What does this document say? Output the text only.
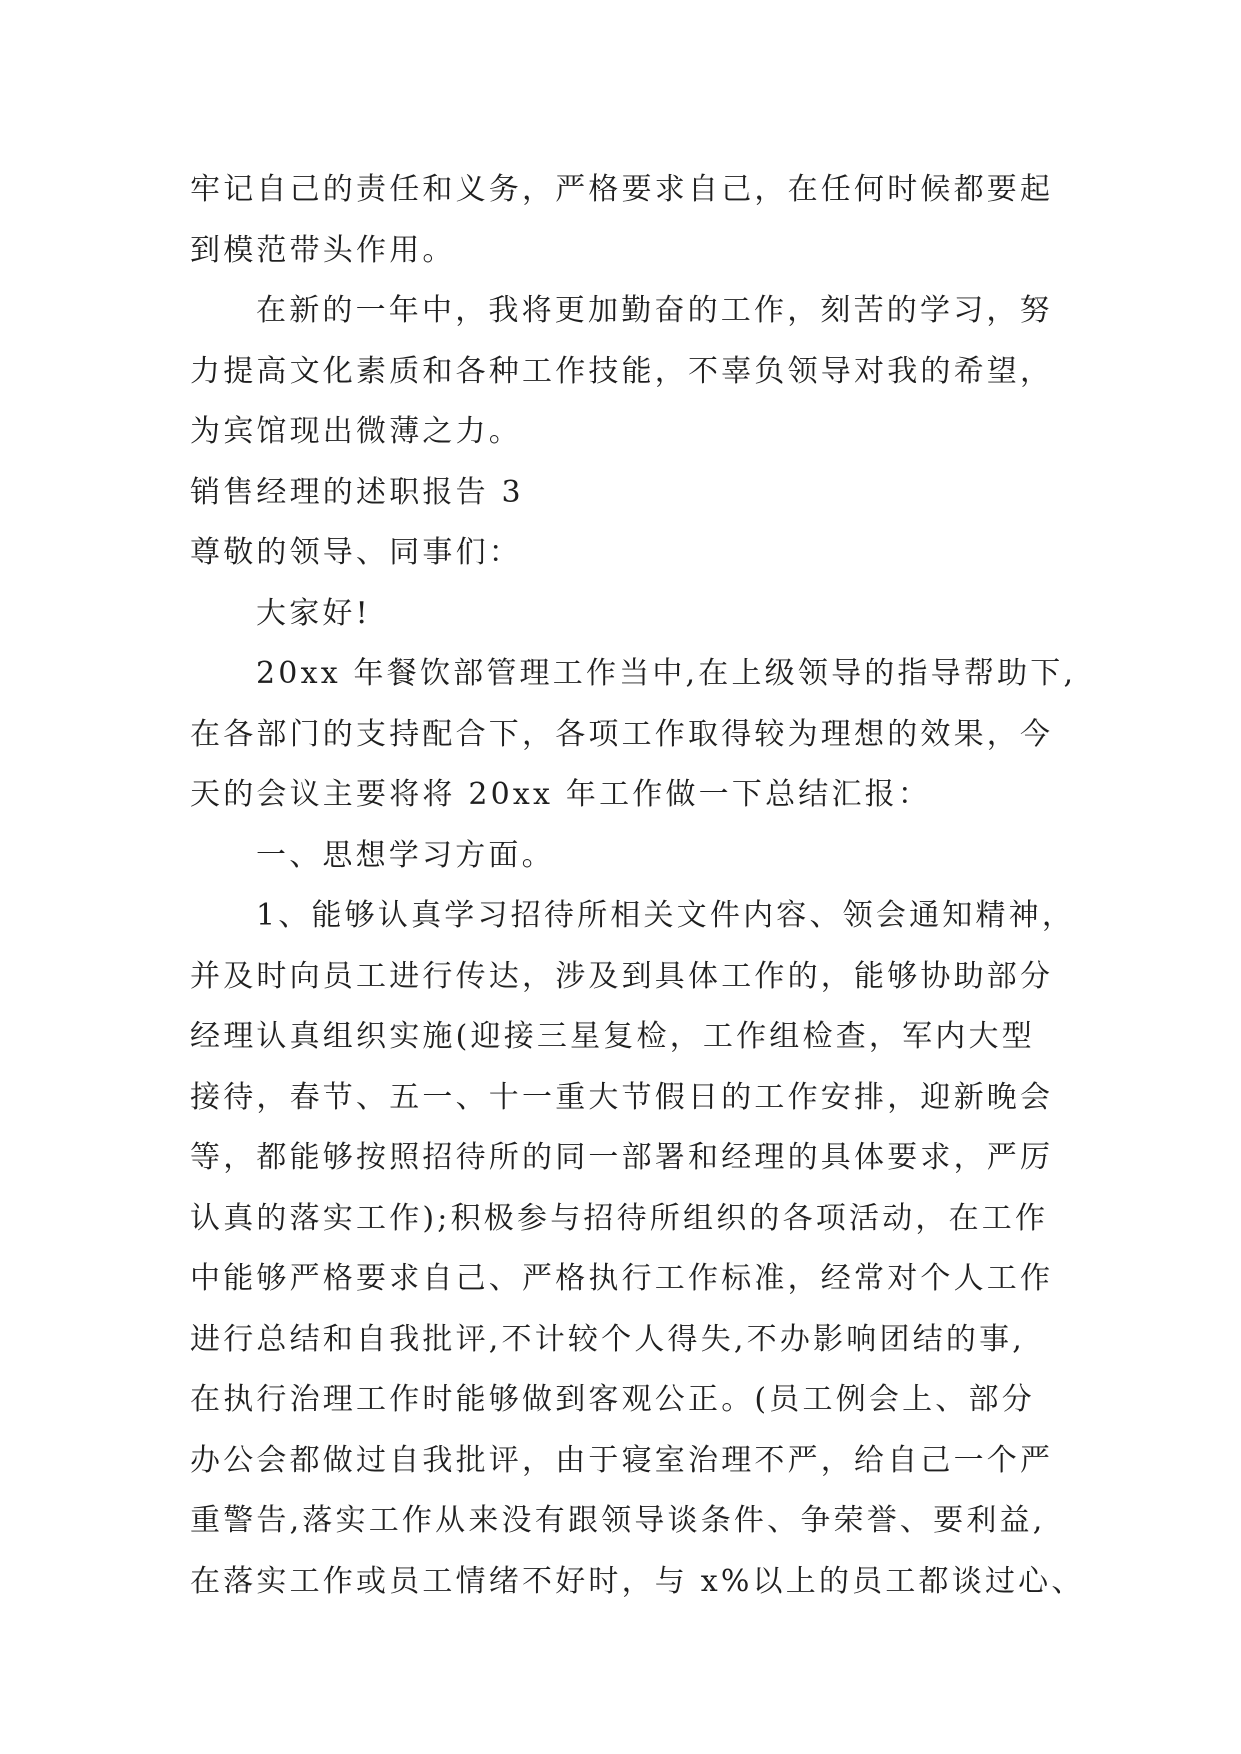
牢记自己的责任和义务，严格要求自己，在任何时候都要起
到模范带头作用。
在新的一年中，我将更加勤奋的工作，刻苦的学习，努
力提高文化素质和各种工作技能，不辜负领导对我的希望，
为宾馆现出微薄之力。
销售经理的述职报告 3
尊敬的领导、同事们：
大家好!
20xx 年餐饮部管理工作当中,在上级领导的指导帮助下,
在各部门的支持配合下，各项工作取得较为理想的效果，今
天的会议主要将将 20xx 年工作做一下总结汇报：
一、思想学习方面。
1、能够认真学习招待所相关文件内容、领会通知精神，
并及时向员工进行传达，涉及到具体工作的，能够协助部分
经理认真组织实施(迎接三星复检，工作组检查，军内大型
接待，春节、五一、十一重大节假日的工作安排，迎新晚会
等，都能够按照招待所的同一部署和经理的具体要求，严厉
认真的落实工作);积极参与招待所组织的各项活动，在工作
中能够严格要求自己、严格执行工作标准，经常对个人工作
进行总结和自我批评,不计较个人得失,不办影响团结的事,
在执行治理工作时能够做到客观公正。(员工例会上、部分
办公会都做过自我批评，由于寝室治理不严，给自己一个严
重警告,落实工作从来没有跟领导谈条件、争荣誉、要利益,
在落实工作或员工情绪不好时，与 x%以上的员工都谈过心、
